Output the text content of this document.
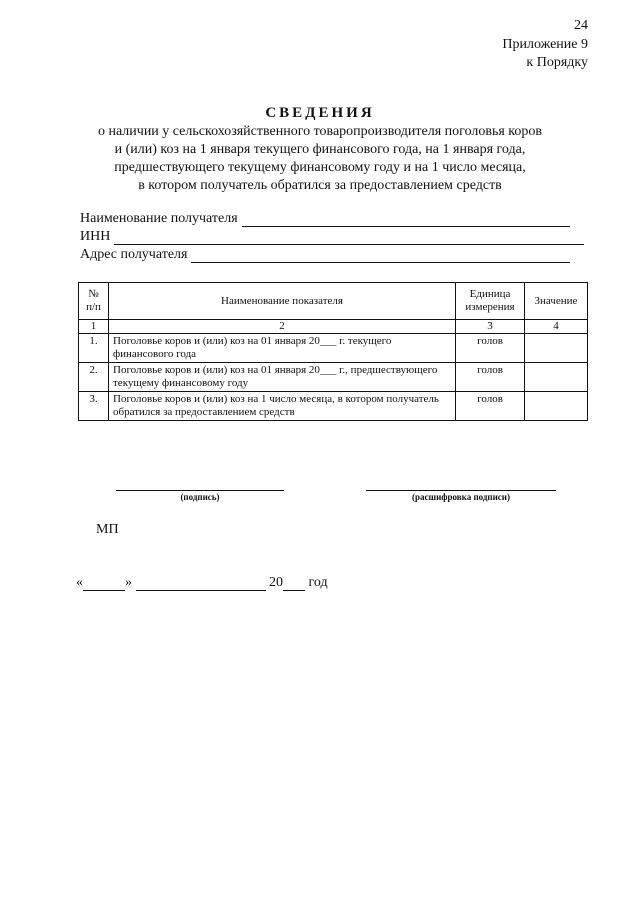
24
Приложение 9
к Порядку
СВЕДЕНИЯ
о наличии у сельскохозяйственного товаропроизводителя поголовья коров
и (или) коз на 1 января текущего финансового года, на 1 января года,
предшествующего текущему финансовому году и на 1 число месяца,
в котором получатель обратился за предоставлением средств
Наименование получателя
ИНН
Адрес получателя
№ п/п	Наименование показателя	Единица измерения	Значение
1	2	3	4
1.	Поголовье коров и (или) коз на 01 января 20___ г. текущего финансового года	голов	
2.	Поголовье коров и (или) коз на 01 января 20___ г., предшествующего текущему финансовому году	голов	
3.	Поголовье коров и (или) коз на 1 число месяца, в котором получатель обратился за предоставлением средств	голов	
(подпись)	(расшифровка подписи)
МП
«	»

	20
год
